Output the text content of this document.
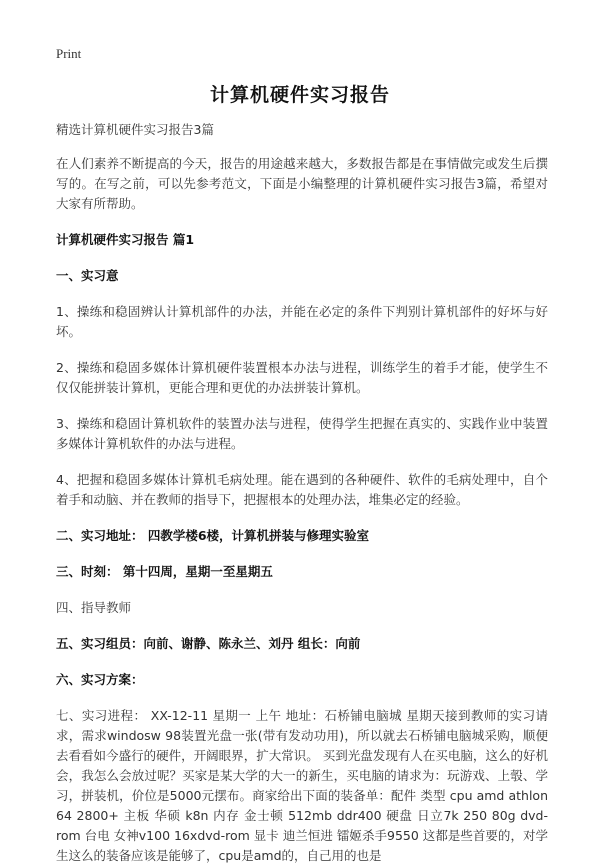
Print
计算机硬件实习报告

精选计算机硬件实习报告3篇

在人们素养不断提高的今天，报告的用途越来越大，多数报告都是在事情做完或发生后撰写的。在写之前，可以先参考范文，下面是小编整理的计算机硬件实习报告3篇，希望对大家有所帮助。

计算机硬件实习报告 篇1

一、实习意

1、操练和稳固辨认计算机部件的办法，并能在必定的条件下判别计算机部件的好坏与好坏。

2、操练和稳固多媒体计算机硬件装置根本办法与进程，训练学生的着手才能，使学生不仅仅能拼装计算机，更能合理和更优的办法拼装计算机。

3、操练和稳固计算机软件的装置办法与进程，使得学生把握在真实的、实践作业中装置多媒体计算机软件的办法与进程。

4、把握和稳固多媒体计算机毛病处理。能在遇到的各种硬件、软件的毛病处理中，自个着手和动脑、并在教师的指导下，把握根本的处理办法，堆集必定的经验。

二、实习地址： 四教学楼6楼，计算机拼装与修理实验室

三、时刻： 第十四周，星期一至星期五

四、指导教师

五、实习组员：向前、谢静、陈永兰、刘丹 组长：向前

六、实习方案：

七、实习进程： XX-12-11 星期一 上午 地址：石桥铺电脑城 星期天接到教师的实习请求，需求windosw 98装置光盘一张(带有发动功用)，所以就去石桥铺电脑城采购，顺便去看看如今盛行的硬件，开阔眼界，扩大常识。 买到光盘发现有人在买电脑，这么的好机会，我怎么会放过呢？买家是某大学的大一的新生，买电脑的请求为：玩游戏、上彀、学习，拼装机，价位是5000元摆布。商家给出下面的装备单：配件 类型 cpu amd athlon 64 2800+ 主板 华硕 k8n 内存 金士顿 512mb ddr400 硬盘 日立7k 250 80g dvd-rom 台电 女神v100 16xdvd-rom 显卡 迪兰恒进 镭姬杀手9550 这都是些首要的，对学生这么的装备应该是能够了，cpu是amd的，自己用的也是
